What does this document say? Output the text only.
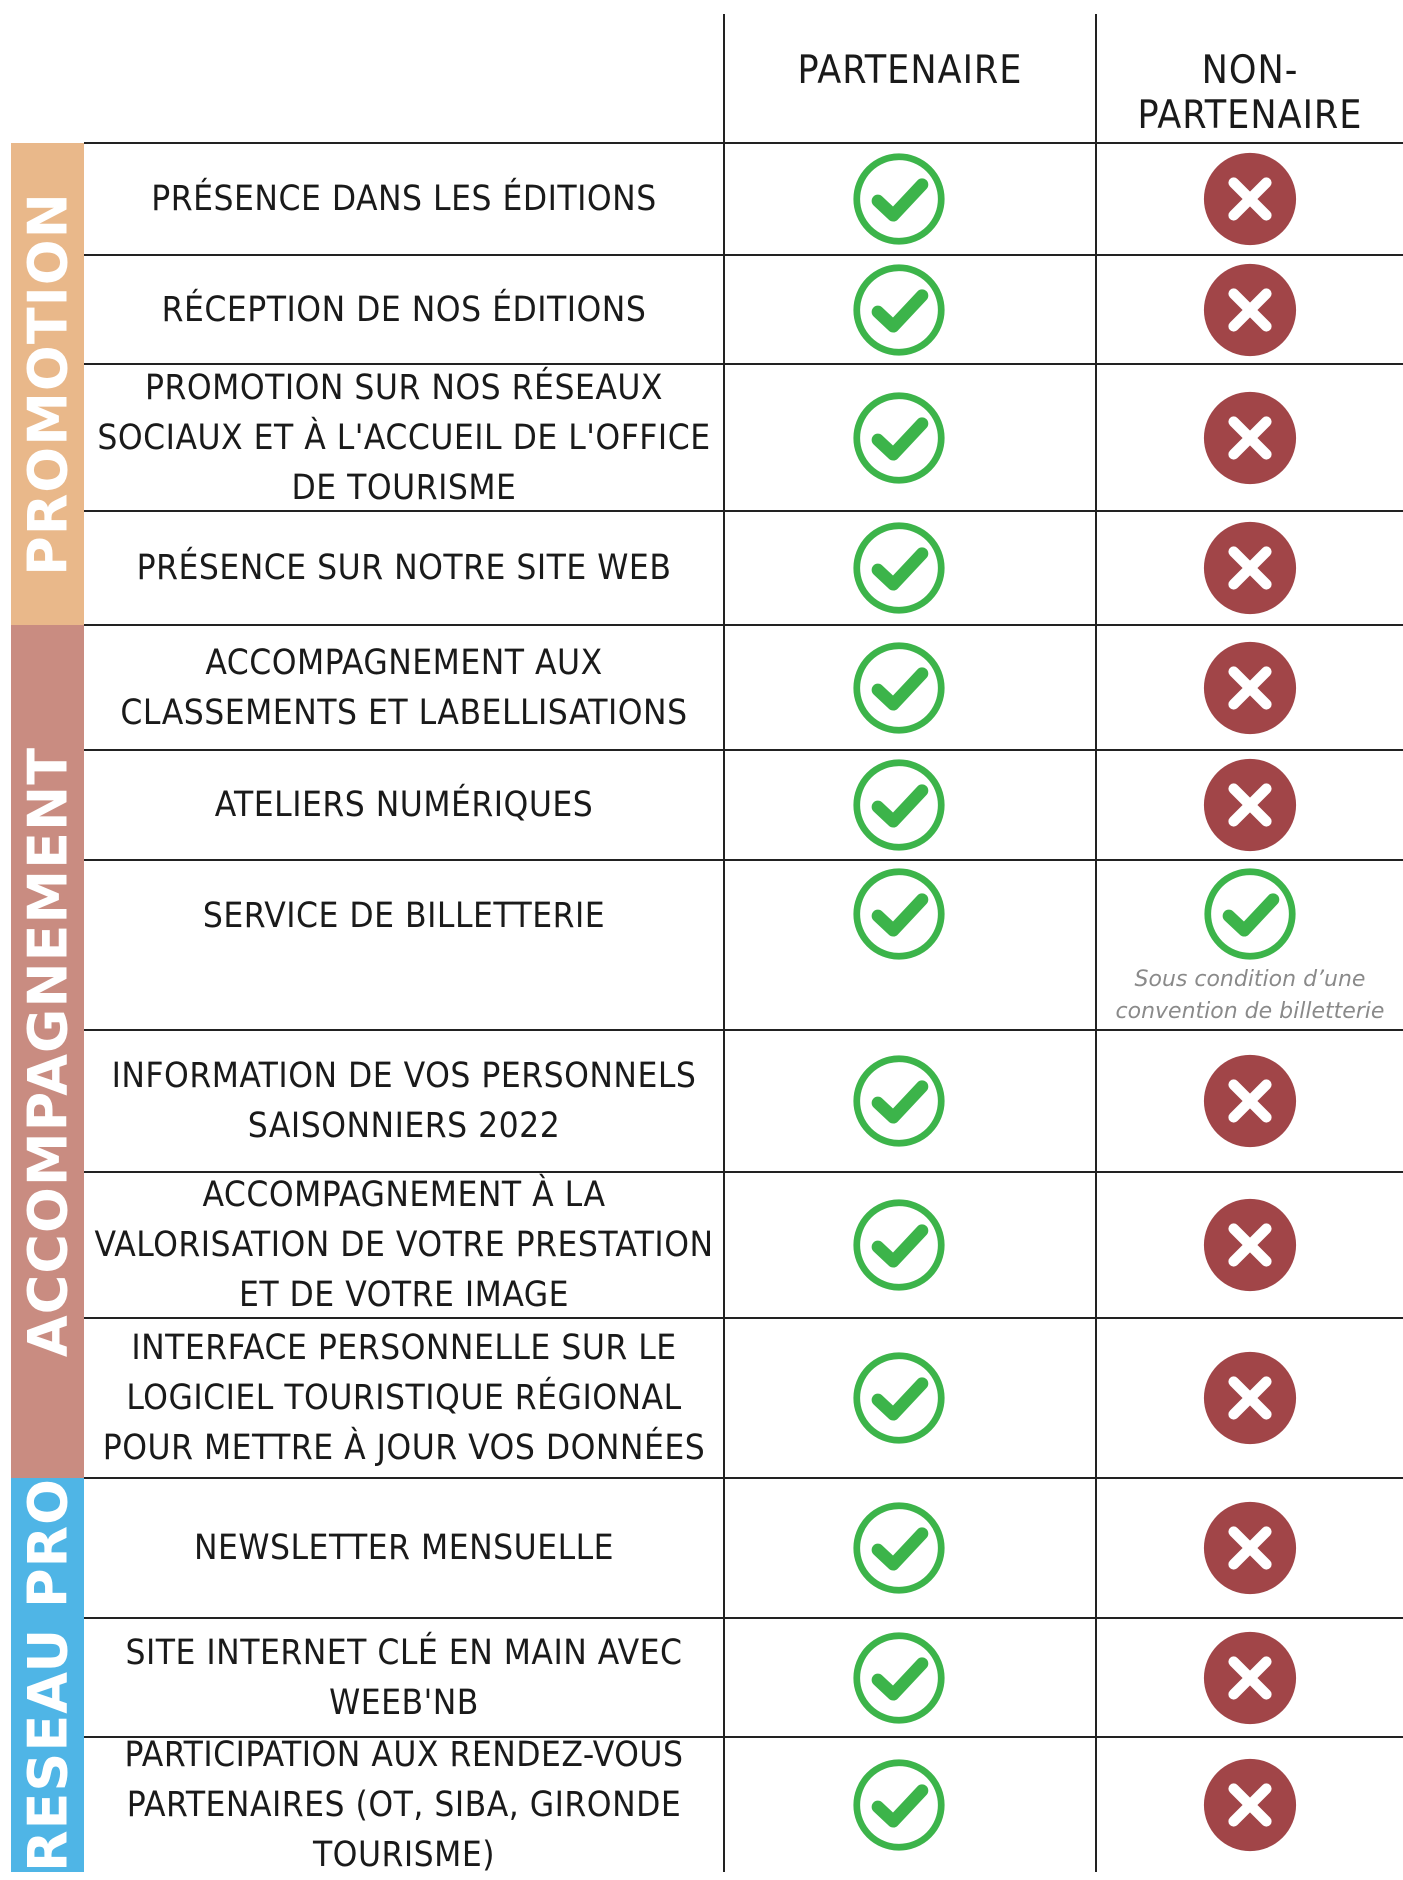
PARTENAIRE	NON- PARTENAIRE
PROMOTION
ACCOMPAGNEMENT
RESEAU PRO
PRÉSENCE DANS LES ÉDITIONS
RÉCEPTION DE NOS ÉDITIONS
PROMOTION SUR NOS RÉSEAUX SOCIAUX ET À L'ACCUEIL DE L'OFFICE DE TOURISME
PRÉSENCE SUR NOTRE SITE WEB
ACCOMPAGNEMENT AUX CLASSEMENTS ET LABELLISATIONS
ATELIERS NUMÉRIQUES
SERVICE DE BILLETTERIE
Sous condition d’une convention de billetterie
INFORMATION DE VOS PERSONNELS SAISONNIERS 2022
ACCOMPAGNEMENT À LA VALORISATION DE VOTRE PRESTATION ET DE VOTRE IMAGE
INTERFACE PERSONNELLE SUR LE LOGICIEL TOURISTIQUE RÉGIONAL POUR METTRE À JOUR VOS DONNÉES
NEWSLETTER MENSUELLE
SITE INTERNET CLÉ EN MAIN AVEC WEEB'NB
PARTICIPATION AUX RENDEZ-VOUS PARTENAIRES (OT, SIBA, GIRONDE TOURISME)
